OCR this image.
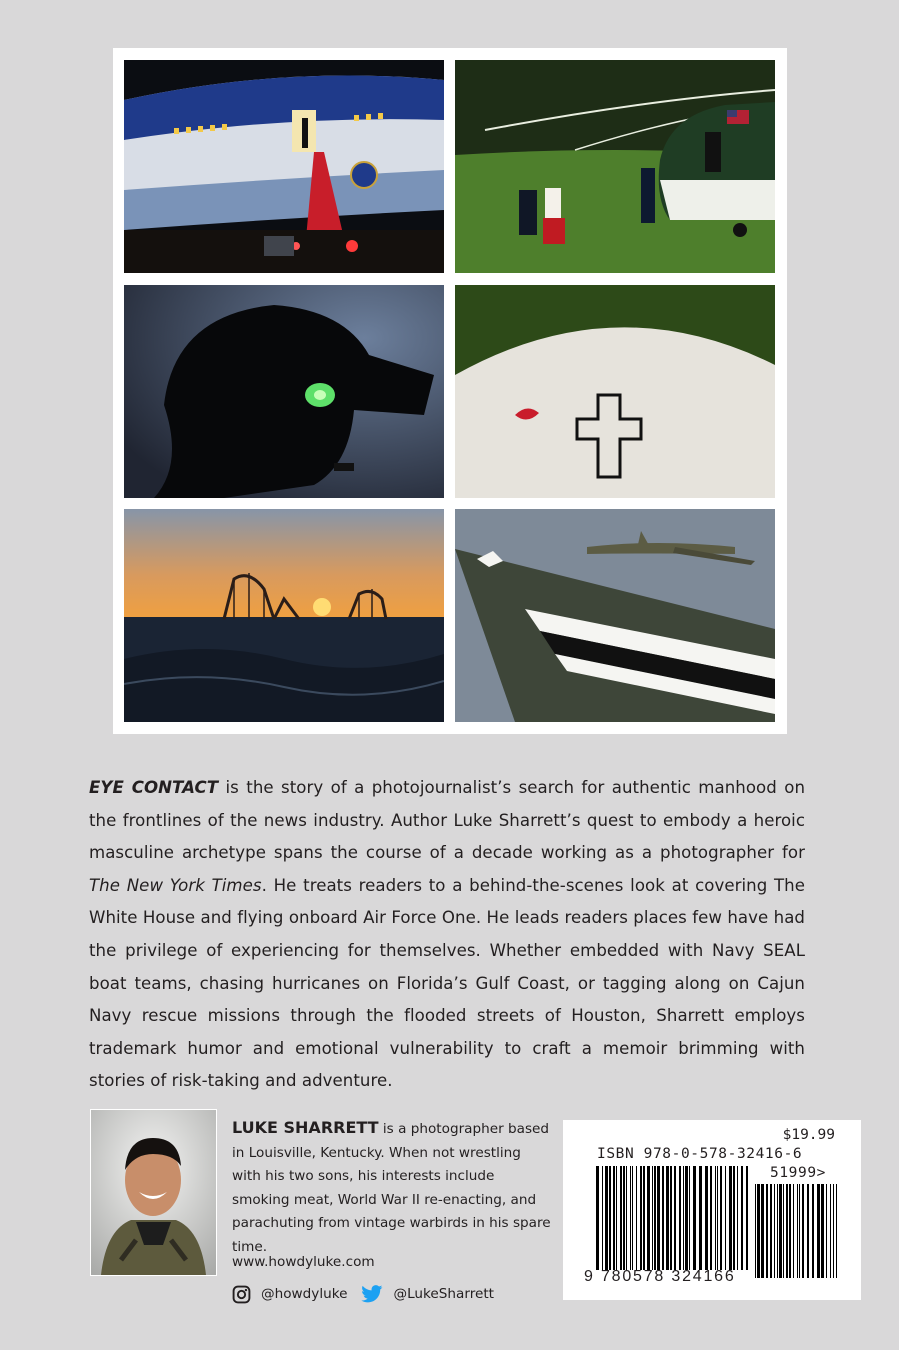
EYE CONTACT is the story of a photojournalist’s search for authentic manhood on the frontlines of the news industry. Author Luke Sharrett’s quest to embody a heroic masculine archetype spans the course of a decade working as a photographer for The New York Times. He treats readers to a behind-the-scenes look at covering The White House and flying onboard Air Force One. He leads readers places few have had the privilege of experiencing for themselves. Whether embedded with Navy SEAL boat teams, chasing hurricanes on Florida’s Gulf Coast, or tagging along on Cajun Navy rescue missions through the flooded streets of Houston, Sharrett employs trademark humor and emotional vulnerability to craft a memoir brimming with stories of risk-taking and adventure.
LUKE SHARRETT is a photographer based in Louisville, Kentucky. When not wrestling with his two sons, his interests include smoking meat, World War II re-enacting, and parachuting from vintage warbirds in his spare time.
www.howdyluke.com
@howdyluke	@LukeSharrett
$19.99
ISBN 978-0-578-32416-6
51999>
9 780578 324166
